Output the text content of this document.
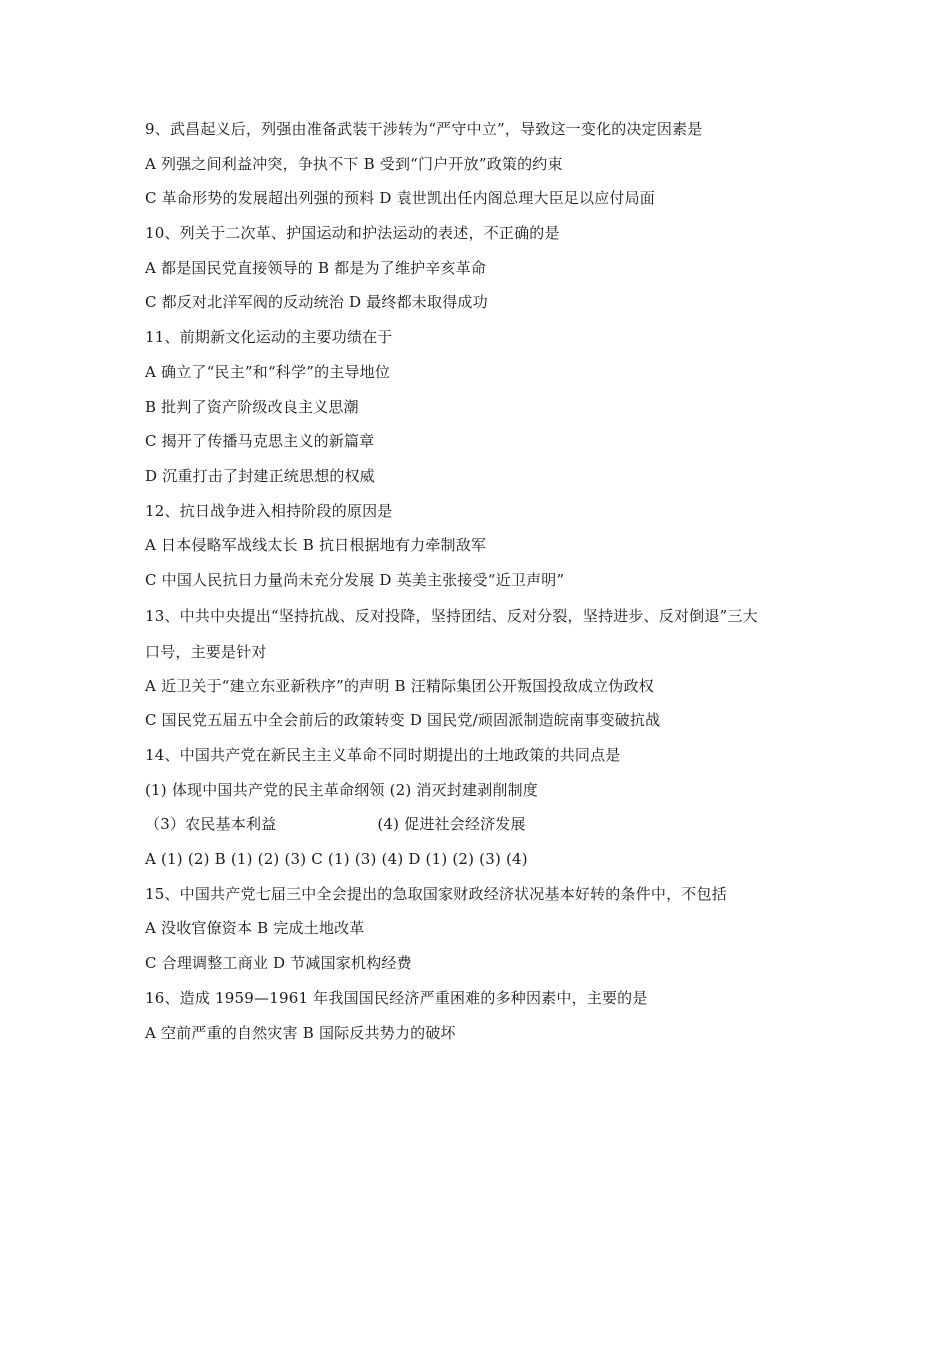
9、武昌起义后，列强由准备武装干涉转为“严守中立”，导致这一变化的决定因素是
A 列强之间利益冲突，争执不下 B 受到“门户开放”政策的约束
C 革命形势的发展超出列强的预料 D 袁世凯出任内阁总理大臣足以应付局面
10、列关于二次革、护国运动和护法运动的表述，不正确的是
A 都是国民党直接领导的 B 都是为了维护辛亥革命
C 都反对北洋军阀的反动统治 D 最终都未取得成功
11、前期新文化运动的主要功绩在于
A 确立了“民主”和“科学”的主导地位
B 批判了资产阶级改良主义思潮
C 揭开了传播马克思主义的新篇章
D 沉重打击了封建正统思想的权威
12、抗日战争进入相持阶段的原因是
A 日本侵略军战线太长 B 抗日根据地有力牵制敌军
C 中国人民抗日力量尚未充分发展 D 英美主张接受“近卫声明”
13、中共中央提出“坚持抗战、反对投降，坚持团结、反对分裂，坚持进步、反对倒退”三大
口号，主要是针对
A 近卫关于“建立东亚新秩序”的声明 B 汪精际集团公开叛国投敌成立伪政权
C 国民党五届五中全会前后的政策转变 D 国民党/顽固派制造皖南事变破抗战
14、中国共产党在新民主主义革命不同时期提出的土地政策的共同点是
(1) 体现中国共产党的民主革命纲领 (2) 消灭封建剥削制度
（3）农民基本利益	(4) 促进社会经济发展
A (1) (2) B (1) (2) (3) C (1) (3) (4) D (1) (2) (3) (4)
15、中国共产党七届三中全会提出的急取国家财政经济状况基本好转的条件中，不包括
A 没收官僚资本 B 完成土地改革
C 合理调整工商业 D 节减国家机构经费
16、造成 1959—1961 年我国国民经济严重困难的多种因素中，主要的是
A 空前严重的自然灾害 B 国际反共势力的破坏
